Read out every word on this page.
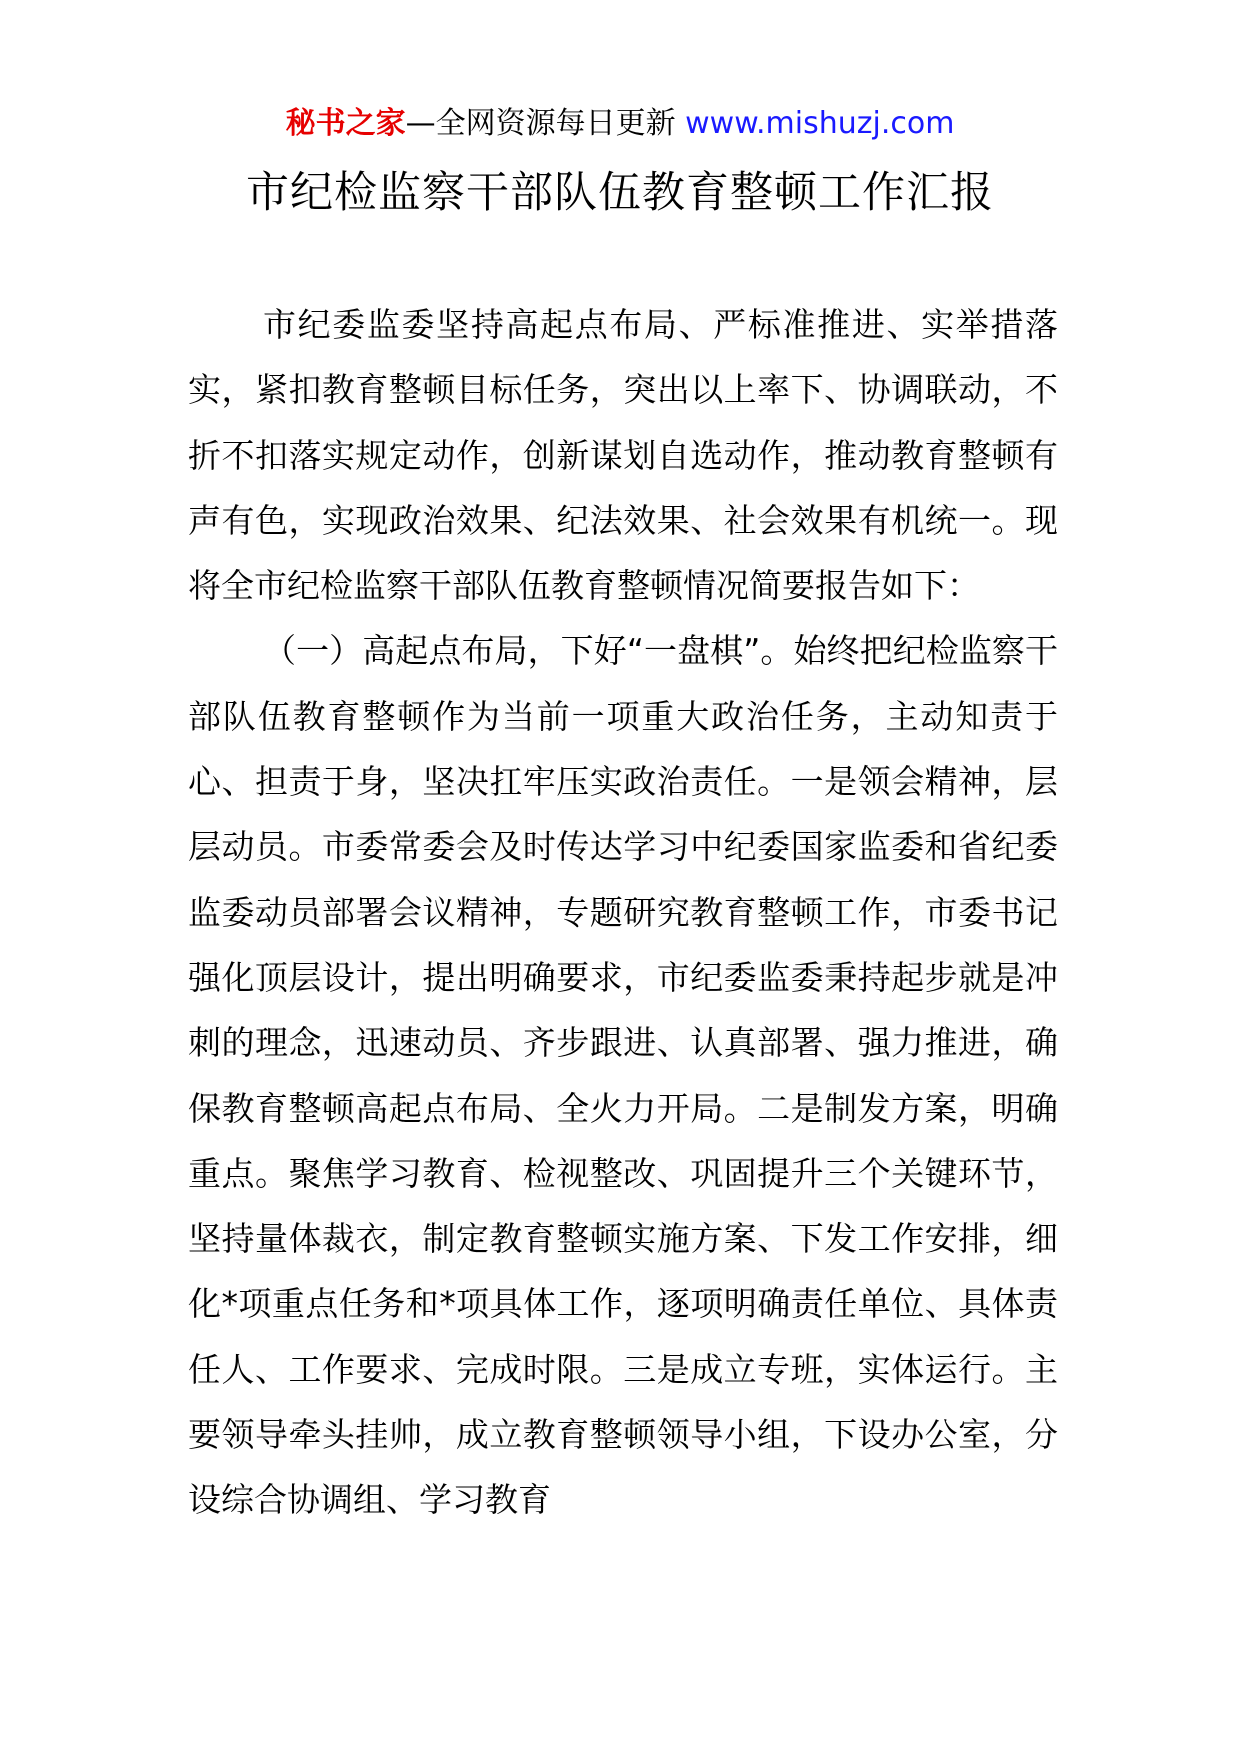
秘书之家—全网资源每日更新 www.mishuzj.com
市纪检监察干部队伍教育整顿工作汇报

市纪委监委坚持高起点布局、严标准推进、实举措落实，紧扣教育整顿目标任务，突出以上率下、协调联动，不折不扣落实规定动作，创新谋划自选动作，推动教育整顿有声有色，实现政治效果、纪法效果、社会效果有机统一。现将全市纪检监察干部队伍教育整顿情况简要报告如下：

（一）高起点布局，下好“一盘棋”。始终把纪检监察干部队伍教育整顿作为当前一项重大政治任务，主动知责于心、担责于身，坚决扛牢压实政治责任。一是领会精神，层层动员。市委常委会及时传达学习中纪委国家监委和省纪委监委动员部署会议精神，专题研究教育整顿工作，市委书记强化顶层设计，提出明确要求，市纪委监委秉持起步就是冲刺的理念，迅速动员、齐步跟进、认真部署、强力推进，确保教育整顿高起点布局、全火力开局。二是制发方案，明确重点。聚焦学习教育、检视整改、巩固提升三个关键环节，坚持量体裁衣，制定教育整顿实施方案、下发工作安排，细化*项重点任务和*项具体工作，逐项明确责任单位、具体责任人、工作要求、完成时限。三是成立专班，实体运行。主要领导牵头挂帅，成立教育整顿领导小组，下设办公室，分设综合协调组、学习教育
